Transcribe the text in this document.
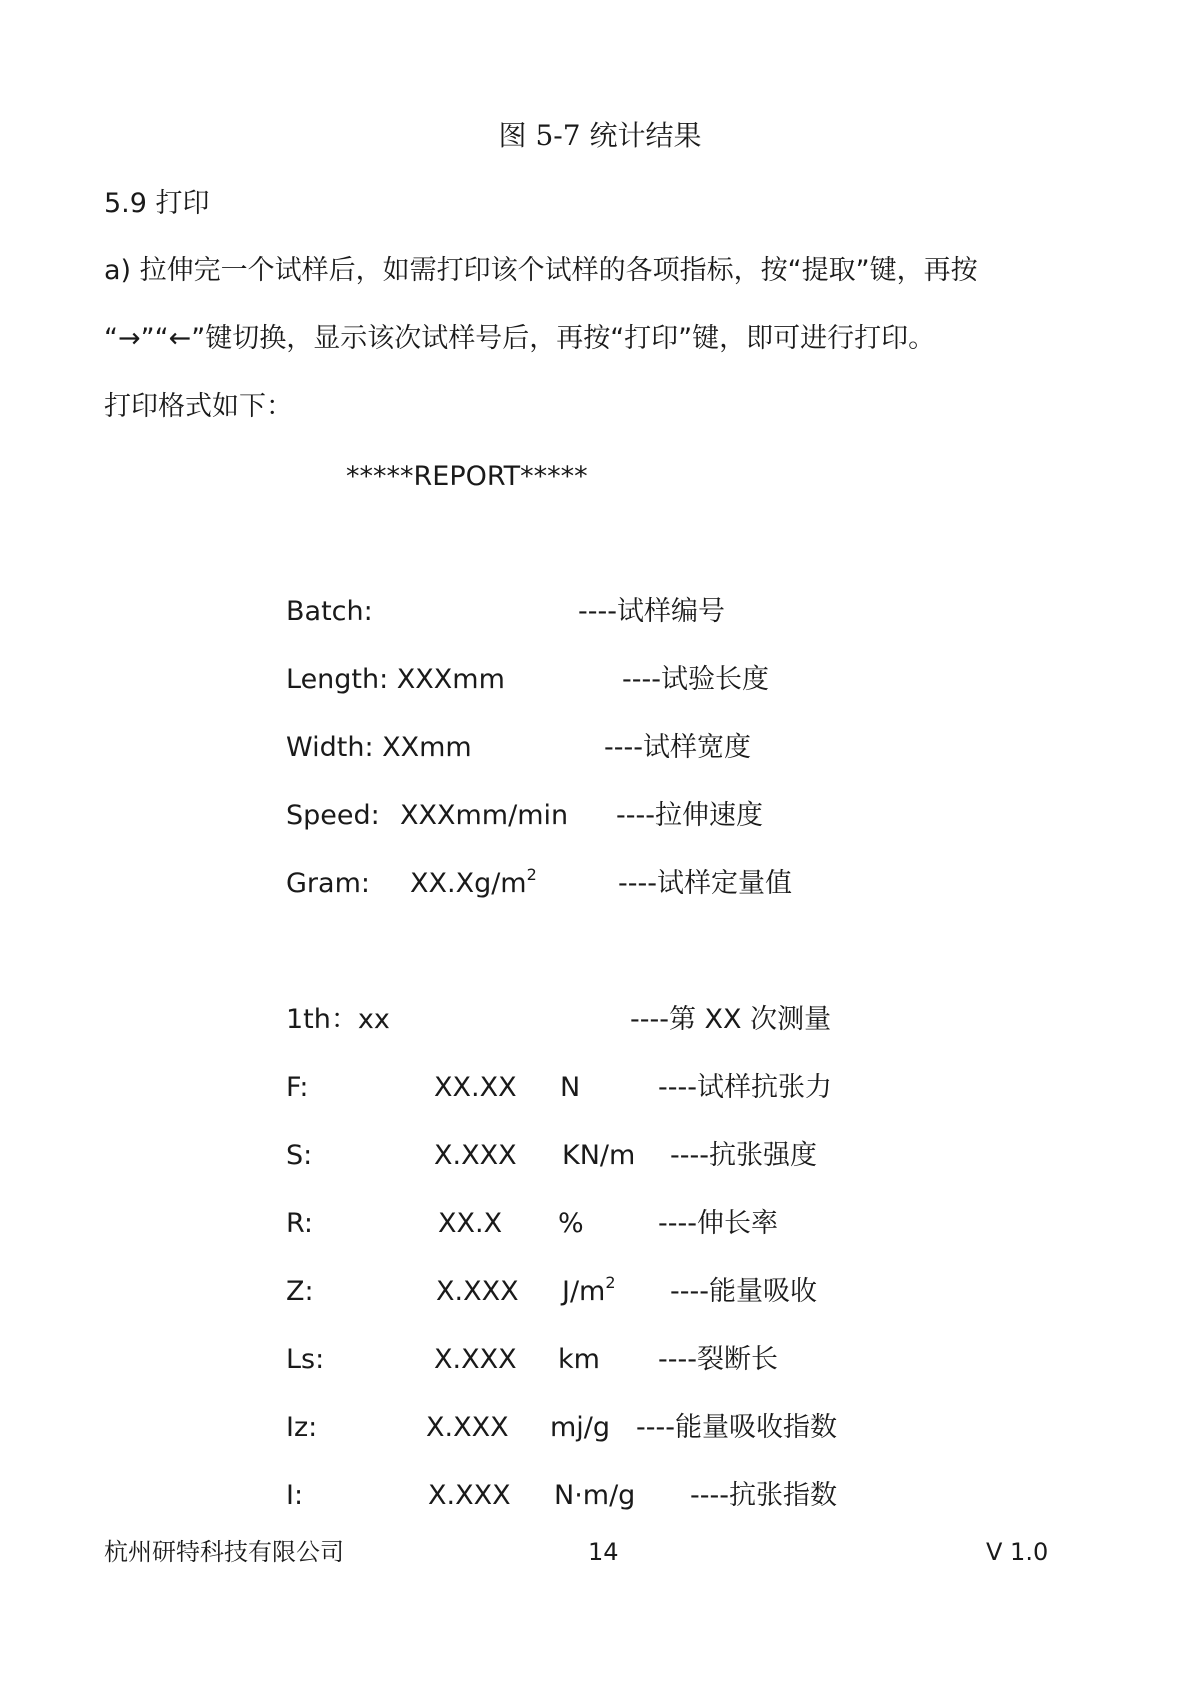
图 5-7 统计结果
5.9 打印
a) 拉伸完一个试样后，如需打印该个试样的各项指标，按“提取”键，再按
“→”“←”键切换，显示该次试样号后，再按“打印”键，即可进行打印。
打印格式如下：
*****REPORT*****
Batch:	----试样编号
Length: XXXmm	----试验长度
Width: XXmm	----试样宽度
Speed: XXXmm/min ----拉伸速度
Gram: $XX.Xg/m^2$	----试样定量值
1th：xx	----第 XX 次测量
F:	XX.XX N	----试样抗张力
S:	X.XXX KN/m ----抗张强度
R:	XX.X %	----伸长率
Z:	X.XXX $J/m^2$ ----能量吸收
Ls:	X.XXX km ----裂断长
Iz:	X.XXX mj/g ----能量吸收指数
I:	X.XXX N·m/g ----抗张指数
杭州研特科技有限公司	14	V 1.0
